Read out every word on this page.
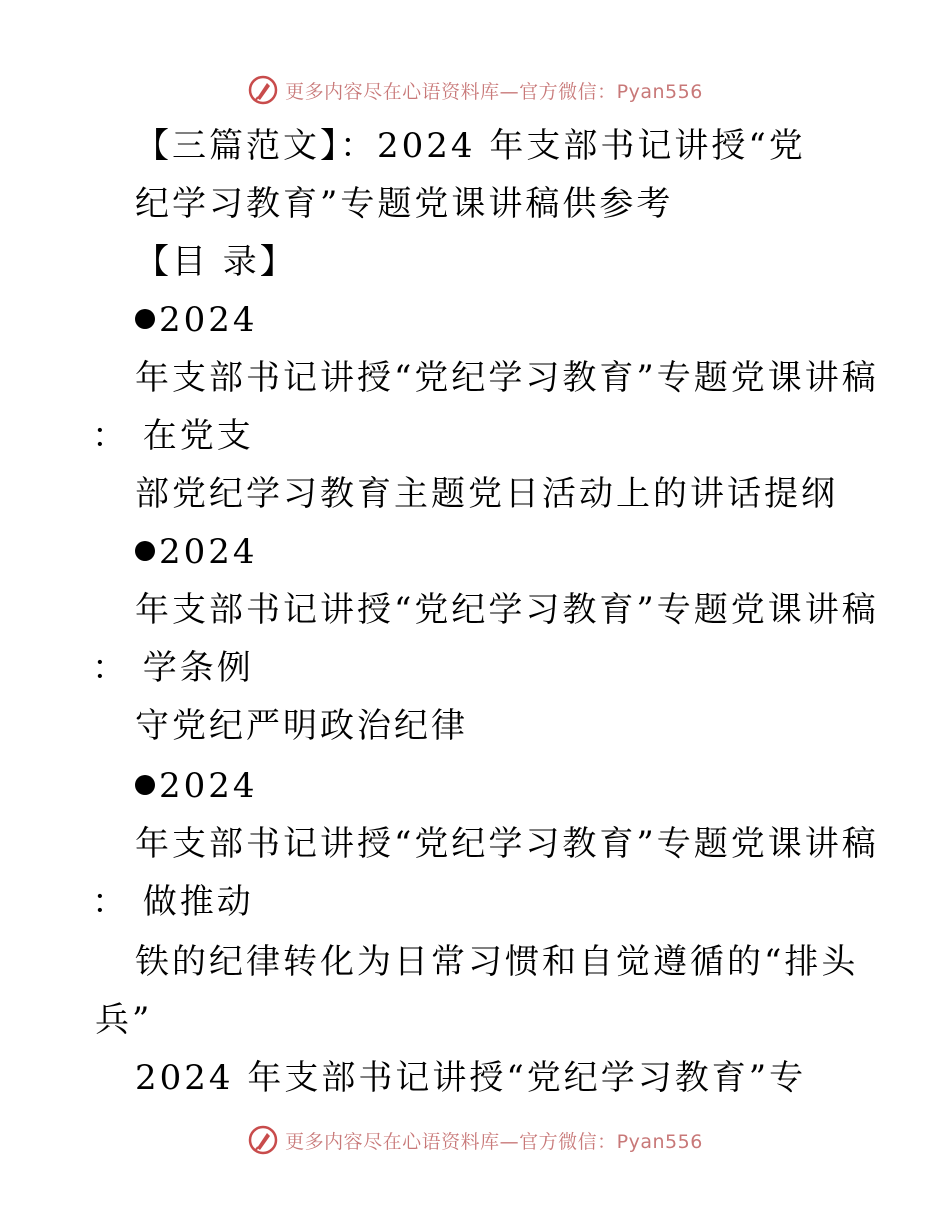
更多内容尽在心语资料库—官方微信：Pyan556
【三篇范文】：2024 年支部书记讲授“党
纪学习教育”专题党课讲稿供参考
【目 录】
2024
年支部书记讲授“党纪学习教育”专题党课讲稿
： 在党支
部党纪学习教育主题党日活动上的讲话提纲
2024
年支部书记讲授“党纪学习教育”专题党课讲稿
： 学条例
守党纪严明政治纪律
2024
年支部书记讲授“党纪学习教育”专题党课讲稿
： 做推动
铁的纪律转化为日常习惯和自觉遵循的“排头
兵”
2024 年支部书记讲授“党纪学习教育”专
更多内容尽在心语资料库—官方微信：Pyan556
